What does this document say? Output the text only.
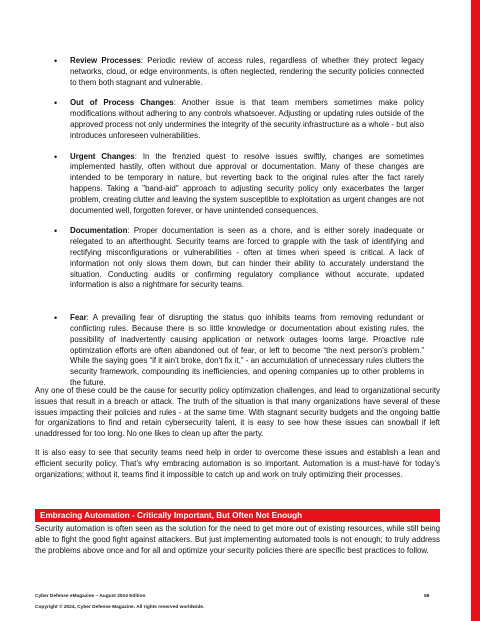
• Review Processes: Periodic review of access rules, regardless of whether they protect legacy networks, cloud, or edge environments, is often neglected, rendering the security policies connected to them both stagnant and vulnerable.
• Out of Process Changes: Another issue is that team members sometimes make policy modifications without adhering to any controls whatsoever. Adjusting or updating rules outside of the approved process not only undermines the integrity of the security infrastructure as a whole - but also introduces unforeseen vulnerabilities.
• Urgent Changes: In the frenzied quest to resolve issues swiftly, changes are sometimes implemented hastily, often without due approval or documentation. Many of these changes are intended to be temporary in nature, but reverting back to the original rules after the fact rarely happens. Taking a "band-aid" approach to adjusting security policy only exacerbates the larger problem, creating clutter and leaving the system susceptible to exploitation as urgent changes are not documented well, forgotten forever, or have unintended consequences.
• Documentation: Proper documentation is seen as a chore, and is either sorely inadequate or relegated to an afterthought. Security teams are forced to grapple with the task of identifying and rectifying misconfigurations or vulnerabilities - often at times when speed is critical. A lack of information not only slows them down, but can hinder their ability to accurately understand the situation. Conducting audits or confirming regulatory compliance without accurate, updated information is also a nightmare for security teams.
• Fear: A prevailing fear of disrupting the status quo inhibits teams from removing redundant or conflicting rules. Because there is so little knowledge or documentation about existing rules, the possibility of inadvertently causing application or network outages looms large. Proactive rule optimization efforts are often abandoned out of fear, or left to become “the next person’s problem.” While the saying goes “if it ain’t broke, don’t fix it,” - an accumulation of unnecessary rules clutters the security framework, compounding its inefficiencies, and opening companies up to other problems in the future.

Any one of these could be the cause for security policy optimization challenges, and lead to organizational security issues that result in a breach or attack. The truth of the situation is that many organizations have several of these issues impacting their policies and rules - at the same time. With stagnant security budgets and the ongoing battle for organizations to find and retain cybersecurity talent, it is easy to see how these issues can snowball if left unaddressed for too long. No one likes to clean up after the party.

It is also easy to see that security teams need help in order to overcome these issues and establish a lean and efficient security policy. That’s why embracing automation is so important. Automation is a must-have for today’s organizations; without it, teams find it impossible to catch up and work on truly optimizing their processes.

Embracing Automation - Critically Important, But Often Not Enough

Security automation is often seen as the solution for the need to get more out of existing resources, while still being able to fight the good fight against attackers. But just implementing automated tools is not enough; to truly address the problems above once and for all and optimize your security policies there are specific best practices to follow.

Cyber Defense eMagazine – August 2024 Edition	58
Copyright © 2024, Cyber Defense Magazine. All rights reserved worldwide.
